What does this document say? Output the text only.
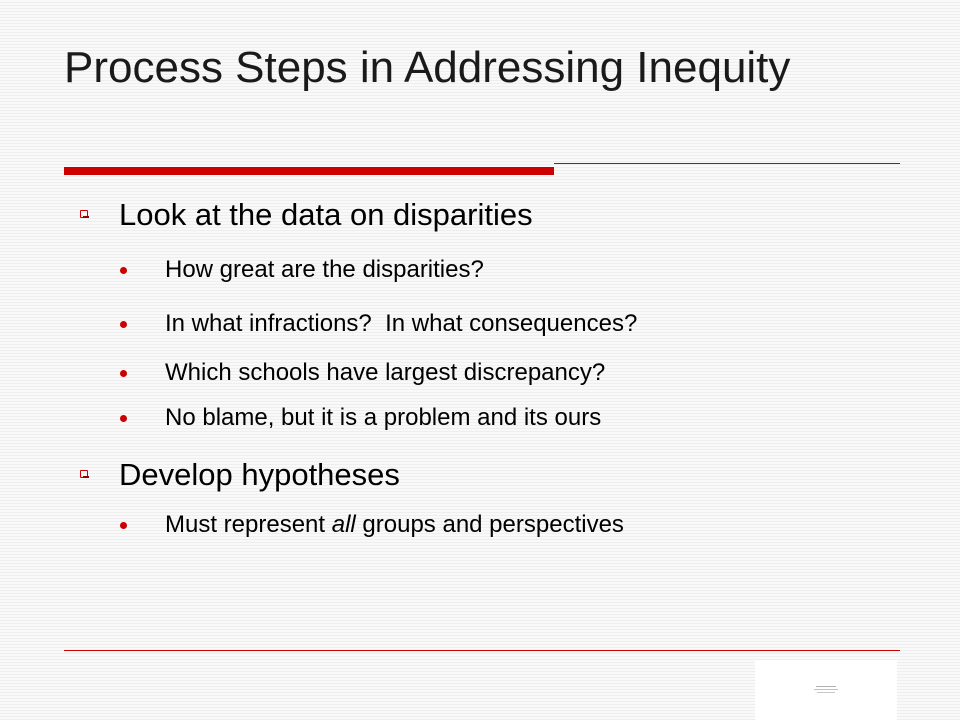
Process Steps in Addressing Inequity
Look at the data on disparities
How great are the disparities?
In what infractions?  In what consequences?
Which schools have largest discrepancy?
No blame, but it is a problem and its ours
Develop hypotheses
Must represent all groups and perspectives
